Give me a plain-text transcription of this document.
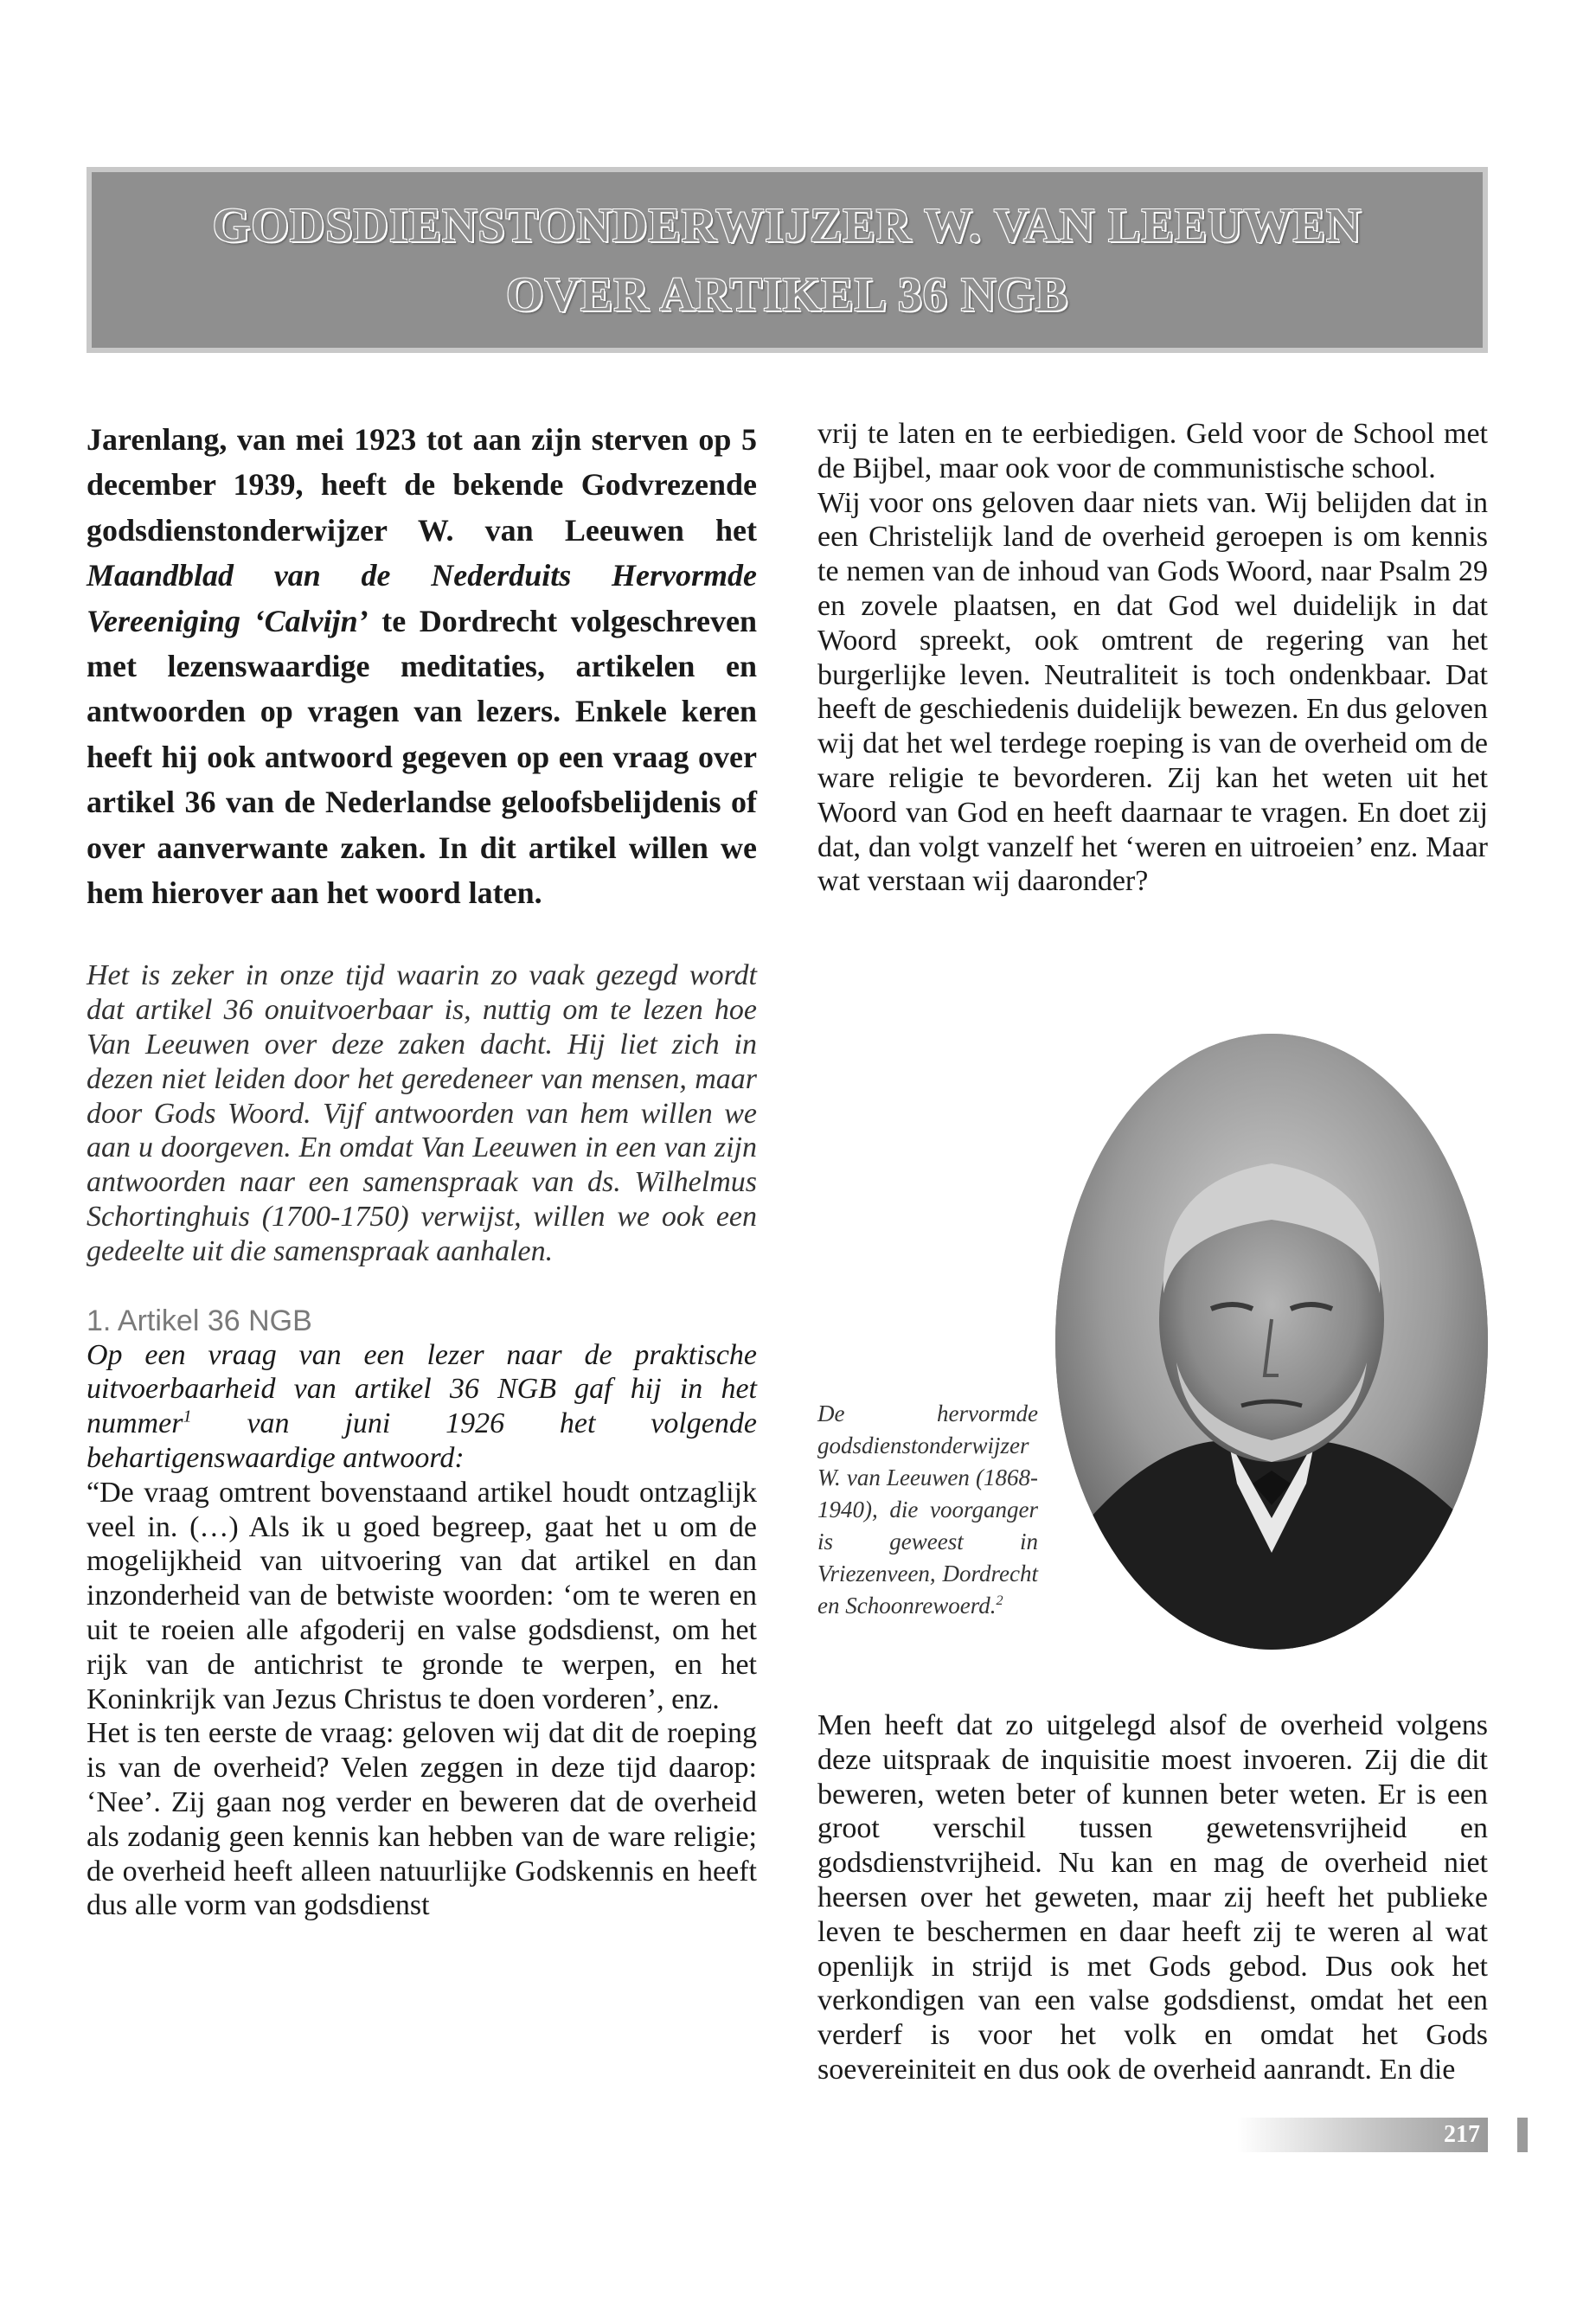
GODSDIENSTONDERWIJZER W. VAN LEEUWEN
OVER ARTIKEL 36 NGB

Jarenlang, van mei 1923 tot aan zijn sterven op 5 december 1939, heeft de bekende Godvrezende godsdienstonderwijzer W. van Leeuwen het Maandblad van de Nederduits Hervormde Vereeniging ‘Calvijn’ te Dordrecht volgeschreven met lezenswaardige meditaties, artikelen en antwoorden op vragen van lezers. Enkele keren heeft hij ook antwoord gegeven op een vraag over artikel 36 van de Nederlandse geloofsbelijdenis of over aanverwante zaken. In dit artikel willen we hem hierover aan het woord laten.

Het is zeker in onze tijd waarin zo vaak gezegd wordt dat artikel 36 onuitvoerbaar is, nuttig om te lezen hoe Van Leeuwen over deze zaken dacht. Hij liet zich in dezen niet leiden door het geredeneer van mensen, maar door Gods Woord. Vijf antwoorden van hem willen we aan u doorgeven. En omdat Van Leeuwen in een van zijn antwoorden naar een samenspraak van ds. Wilhelmus Schortinghuis (1700-1750) verwijst, willen we ook een gedeelte uit die samenspraak aanhalen.

1. Artikel 36 NGB

Op een vraag van een lezer naar de praktische uitvoerbaarheid van artikel 36 NGB gaf hij in het nummer$^1$ van juni 1926 het volgende behartigenswaardige antwoord:

“De vraag omtrent bovenstaand artikel houdt ontzaglijk veel in. (…) Als ik u goed begreep, gaat het u om de mogelijkheid van uitvoering van dat artikel en dan inzonderheid van de betwiste woorden: ‘om te weren en uit te roeien alle afgoderij en valse godsdienst, om het rijk van de antichrist te gronde te werpen, en het Koninkrijk van Jezus Christus te doen vorderen’, enz.

Het is ten eerste de vraag: geloven wij dat dit de roeping is van de overheid? Velen zeggen in deze tijd daarop: ‘Nee’. Zij gaan nog verder en beweren dat de overheid als zodanig geen kennis kan hebben van de ware religie; de overheid heeft alleen natuurlijke Godskennis en heeft dus alle vorm van godsdienst

vrij te laten en te eerbiedigen. Geld voor de School met de Bijbel, maar ook voor de communistische school.

Wij voor ons geloven daar niets van. Wij belijden dat in een Christelijk land de overheid geroepen is om kennis te nemen van de inhoud van Gods Woord, naar Psalm 29 en zovele plaatsen, en dat God wel duidelijk in dat Woord spreekt, ook omtrent de regering van het burgerlijke leven. Neutraliteit is toch ondenkbaar. Dat heeft de geschiedenis duidelijk bewezen. En dus geloven wij dat het wel terdege roeping is van de overheid om de ware religie te bevorderen. Zij kan het weten uit het Woord van God en heeft daarnaar te vragen. En doet zij dat, dan volgt vanzelf het ‘weren en uitroeien’ enz. Maar wat verstaan wij daaronder?

De hervormde godsdienstonderwijzer W. van Leeuwen (1868-1940), die voorganger is geweest in Vriezenveen, Dordrecht en Schoonrewoerd.$^2$

Men heeft dat zo uitgelegd alsof de overheid volgens deze uitspraak de inquisitie moest invoeren. Zij die dit beweren, weten beter of kunnen beter weten. Er is een groot verschil tussen gewetensvrijheid en godsdienstvrijheid. Nu kan en mag de overheid niet heersen over het geweten, maar zij heeft het publieke leven te beschermen en daar heeft zij te weren al wat openlijk in strijd is met Gods gebod. Dus ook het verkondigen van een valse godsdienst, omdat het een verderf is voor het volk en omdat het Gods soevereiniteit en dus ook de overheid aanrandt. En die

217
